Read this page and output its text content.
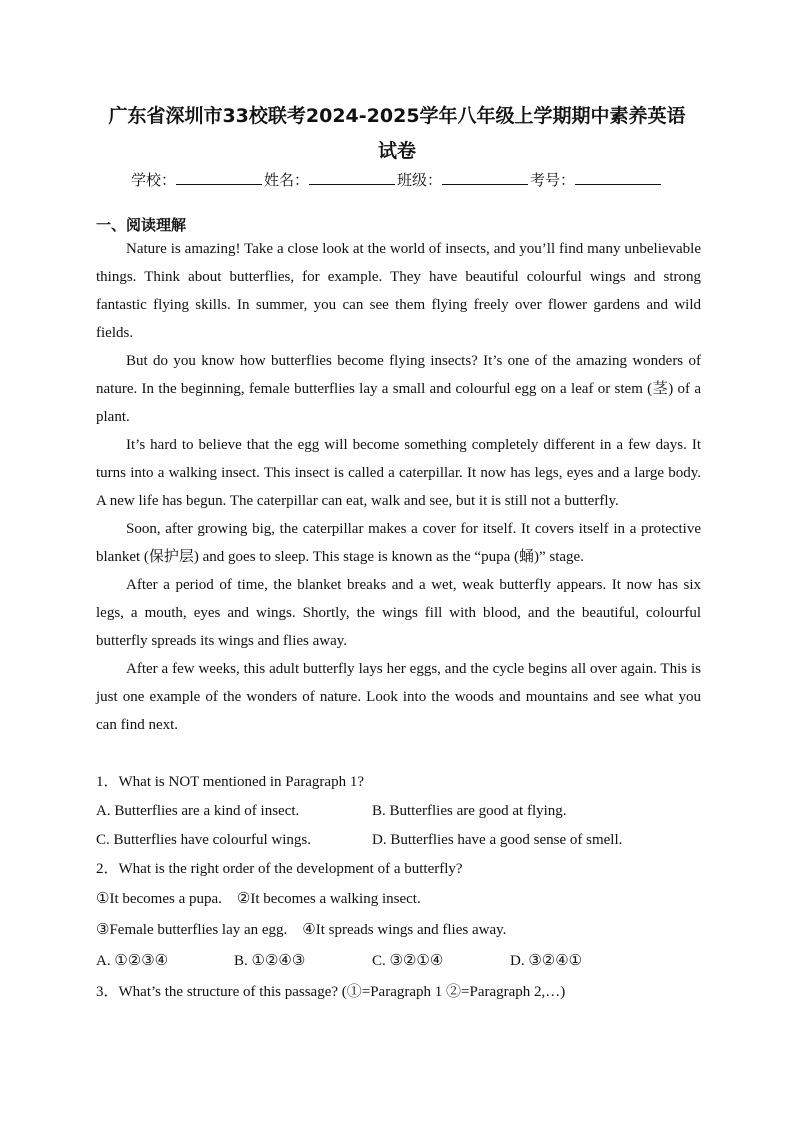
广东省深圳市33校联考2024-2025学年八年级上学期期中素养英语
试卷
学校：	姓名：	班级：	考号：
一、阅读理解

Nature is amazing! Take a close look at the world of insects, and you’ll find many unbelievable things. Think about butterflies, for example. They have beautiful colourful wings and strong fantastic flying skills. In summer, you can see them flying freely over flower gardens and wild fields.

But do you know how butterflies become flying insects? It’s one of the amazing wonders of nature. In the beginning, female butterflies lay a small and colourful egg on a leaf or stem (茎) of a plant.

It’s hard to believe that the egg will become something completely different in a few days. It turns into a walking insect. This insect is called a caterpillar. It now has legs, eyes and a large body. A new life has begun. The caterpillar can eat, walk and see, but it is still not a butterfly.

Soon, after growing big, the caterpillar makes a cover for itself. It covers itself in a protective blanket (保护层) and goes to sleep. This stage is known as the “pupa (蛹)” stage.

After a period of time, the blanket breaks and a wet, weak butterfly appears. It now has six legs, a mouth, eyes and wings. Shortly, the wings fill with blood, and the beautiful, colourful butterfly spreads its wings and flies away.

After a few weeks, this adult butterfly lays her eggs, and the cycle begins all over again. This is just one example of the wonders of nature. Look into the woods and mountains and see what you can find next.

1．What is NOT mentioned in Paragraph 1?
A. Butterflies are a kind of insect.	B. Butterflies are good at flying.
C. Butterflies have colourful wings.	D. Butterflies have a good sense of smell.
2．What is the right order of the development of a butterfly?
①It becomes a pupa.　②It becomes a walking insect.
③Female butterflies lay an egg.　④It spreads wings and flies away.
A. ①②③④	B. ①②④③	C. ③②①④	D. ③②④①
3．What’s the structure of this passage? (①=Paragraph 1 ②=Paragraph 2,…)
